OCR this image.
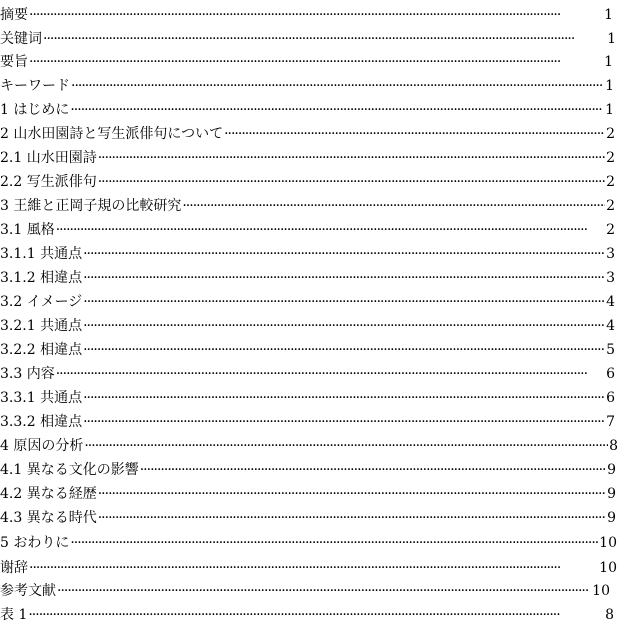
摘要 ·····	1
关键词 ·····	1
要旨 ·····	1
キーワード ·····	1
1 はじめに ·····	1
2 山水田園詩と写生派俳句について ·····	2
2.1 山水田園詩 ·····	2
2.2 写生派俳句 ·····	2
3 王維と正岡子規の比較研究 ·····	2
3.1 風格 ·····	2
3.1.1 共通点 ·····	3
3.1.2 相違点 ·····	3
3.2 イメージ ·····	4
3.2.1 共通点 ·····	4
3.2.2 相違点 ·····	5
3.3 内容 ·····	6
3.3.1 共通点 ·····	6
3.3.2 相違点 ·····	7
4 原因の分析 ·····	8
4.1 異なる文化の影響 ·····	9
4.2 異なる経歴 ·····	9
4.3 異なる時代 ·····	9
5 おわりに ·····	10
谢辞 ·····	10
参考文献 ·····	10
表 1 ·····	8
